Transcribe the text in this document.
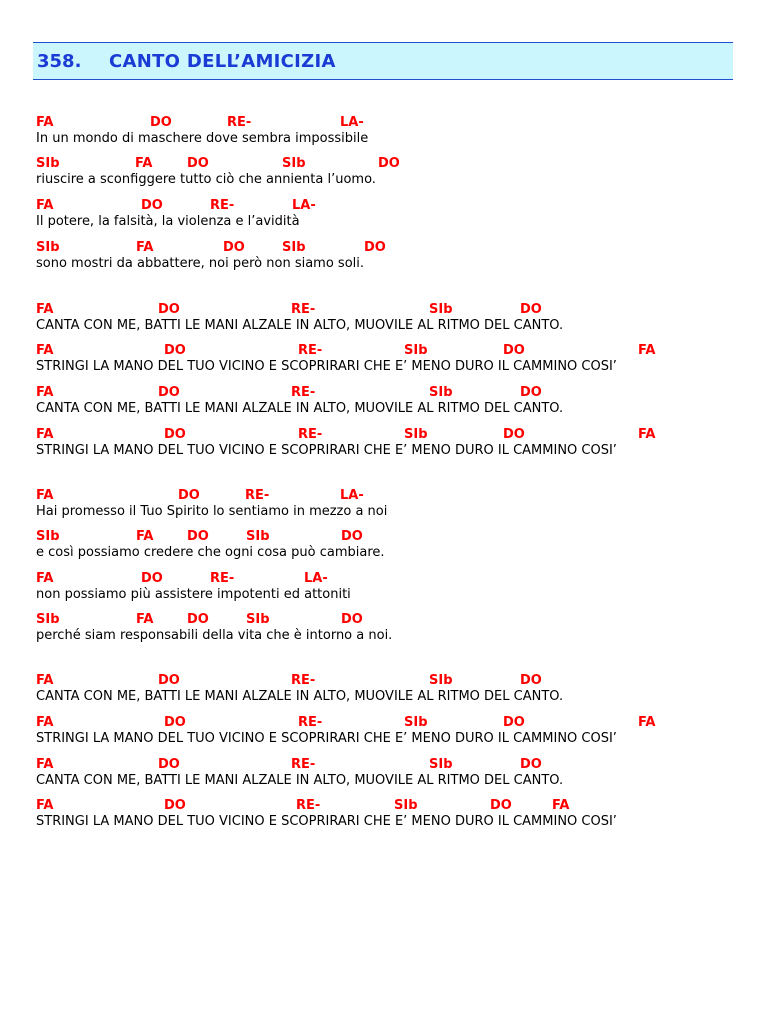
358. CANTO DELL’AMICIZIA
FA	DO	RE-	LA-
In un mondo di maschere dove sembra impossibile
SIb	FA	DO	SIb	DO
riuscire a sconfiggere tutto ciò che annienta l’uomo.
FA	DO	RE-	LA-
Il potere, la falsità, la violenza e l’avidità
SIb	FA	DO	SIb	DO
sono mostri da abbattere, noi però non siamo soli.
FA	DO	RE-	SIb	DO
CANTA CON ME, BATTI LE MANI ALZALE IN ALTO, MUOVILE AL RITMO DEL CANTO.
FA	DO	RE-	SIb	DO	FA
STRINGI LA MANO DEL TUO VICINO E SCOPRIRARI CHE E’ MENO DURO IL CAMMINO COSI’
FA	DO	RE-	SIb	DO
CANTA CON ME, BATTI LE MANI ALZALE IN ALTO, MUOVILE AL RITMO DEL CANTO.
FA	DO	RE-	SIb	DO	FA
STRINGI LA MANO DEL TUO VICINO E SCOPRIRARI CHE E’ MENO DURO IL CAMMINO COSI’
FA	DO	RE-	LA-
Hai promesso il Tuo Spirito lo sentiamo in mezzo a noi
SIb	FA	DO	SIb	DO
e così possiamo credere che ogni cosa può cambiare.
FA	DO	RE-	LA-
non possiamo più assistere impotenti ed attoniti
SIb	FA	DO	SIb	DO
perché siam responsabili della vita che è intorno a noi.
FA	DO	RE-	SIb	DO
CANTA CON ME, BATTI LE MANI ALZALE IN ALTO, MUOVILE AL RITMO DEL CANTO.
FA	DO	RE-	SIb	DO	FA
STRINGI LA MANO DEL TUO VICINO E SCOPRIRARI CHE E’ MENO DURO IL CAMMINO COSI’
FA	DO	RE-	SIb	DO
CANTA CON ME, BATTI LE MANI ALZALE IN ALTO, MUOVILE AL RITMO DEL CANTO.
FA	DO	RE-	SIb	DO	FA
STRINGI LA MANO DEL TUO VICINO E SCOPRIRARI CHE E’ MENO DURO IL CAMMINO COSI’
